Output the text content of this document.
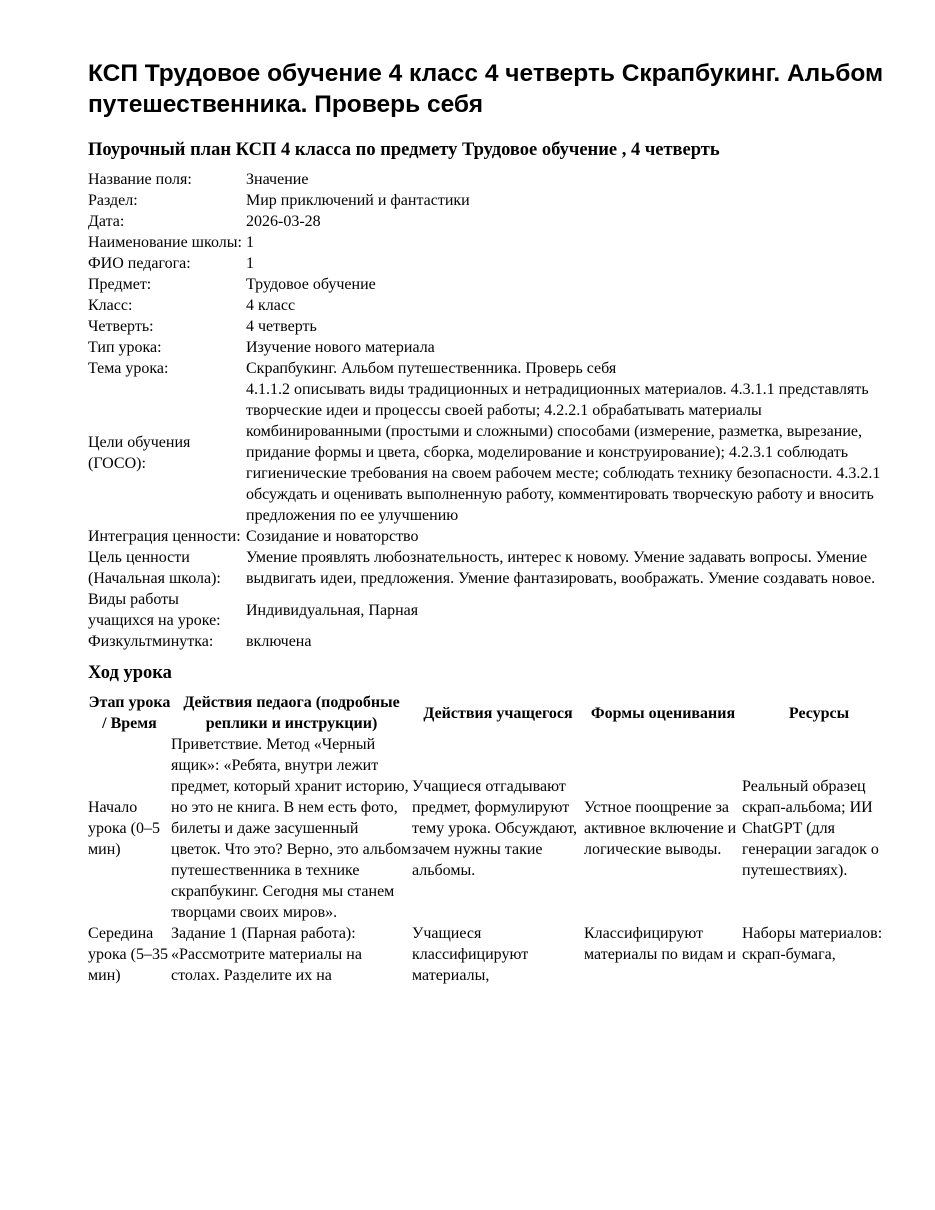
КСП Трудовое обучение 4 класс 4 четверть Скрапбукинг. Альбом путешественника. Проверь себя
Поурочный план КСП 4 класса по предмету Трудовое обучение , 4 четверть
Название поля:	Значение
Раздел:	Мир приключений и фантастики
Дата:	2026-03-28
Наименование школы:	1
ФИО педагога:	1
Предмет:	Трудовое обучение
Класс:	4 класс
Четверть:	4 четверть
Тип урока:	Изучение нового материала
Тема урока:	Скрапбукинг. Альбом путешественника. Проверь себя
Цели обучения (ГОСО):	4.1.1.2 описывать виды традиционных и нетрадиционных материалов. 4.3.1.1 представлять творческие идеи и процессы своей работы; 4.2.2.1 обрабатывать материалы комбинированными (простыми и сложными) способами (измерение, разметка, вырезание, придание формы и цвета, сборка, моделирование и конструирование); 4.2.3.1 соблюдать гигиенические требования на своем рабочем месте; соблюдать технику безопасности. 4.3.2.1 обсуждать и оценивать выполненную работу, комментировать творческую работу и вносить предложения по ее улучшению
Интеграция ценности:	Созидание и новаторство
Цель ценности (Начальная школа):	Умение проявлять любознательность, интерес к новому. Умение задавать вопросы. Умение выдвигать идеи, предложения. Умение фантазировать, воображать. Умение создавать новое.
Виды работы учащихся на уроке:	Индивидуальная, Парная
Физкультминутка:	включена
Ход урока
Этап урока / Время	Действия педаога (подробные реплики и инструкции)	Действия учащегося	Формы оценивания	Ресурсы
Начало урока (0–5 мин)	Приветствие. Метод «Черный ящик»: «Ребята, внутри лежит предмет, который хранит историю, но это не книга. В нем есть фото, билеты и даже засушенный цветок. Что это? Верно, это альбом путешественника в технике скрапбукинг. Сегодня мы станем творцами своих миров».	Учащиеся отгадывают предмет, формулируют тему урока. Обсуждают, зачем нужны такие альбомы.	Устное поощрение за активное включение и логические выводы.	Реальный образец скрап-альбома; ИИ ChatGPT (для генерации загадок о путешествиях).
Середина урока (5–35 мин)	Задание 1 (Парная работа): «Рассмотрите материалы на столах. Разделите их на	Учащиеся классифицируют материалы,	Классифицируют материалы по видам и	Наборы материалов: скрап-бумага,
